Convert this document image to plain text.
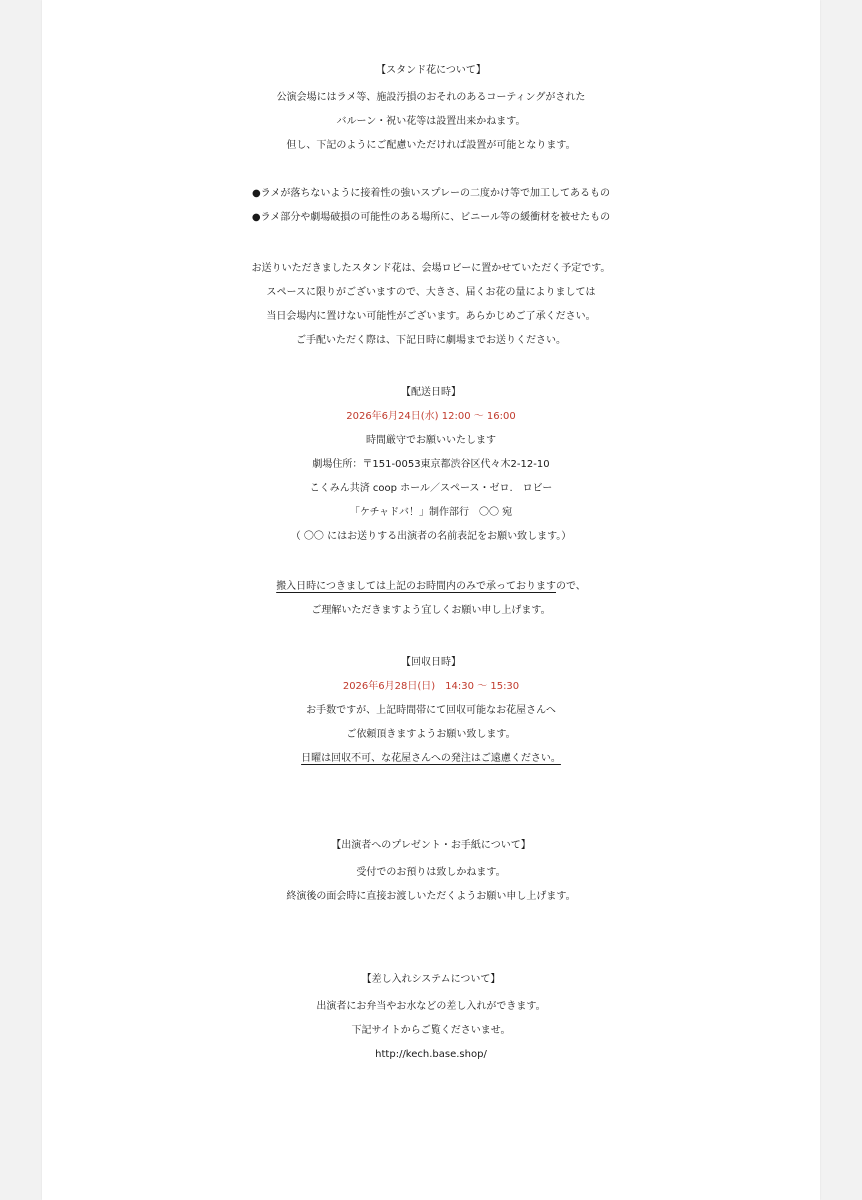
【スタンド花について】
公演会場にはラメ等、施設汚損のおそれのあるコーティングがされた
バルーン・祝い花等は設置出来かねます。
但し、下記のようにご配慮いただければ設置が可能となります。
●ラメが落ちないように接着性の強いスプレーの二度かけ等で加工してあるもの
●ラメ部分や劇場破損の可能性のある場所に、ビニール等の緩衝材を被せたもの
お送りいただきましたスタンド花は、会場ロビーに置かせていただく予定です。
スペースに限りがございますので、大きさ、届くお花の量によりましては
当日会場内に置けない可能性がございます。あらかじめご了承ください。
ご手配いただく際は、下記日時に劇場までお送りください。
【配送日時】
2026年6月24日(水) 12:00 〜 16:00
時間厳守でお願いいたします
劇場住所：〒151-0053東京都渋谷区代々木2-12-10
こくみん共済 coop ホール／スペース・ゼロ.　ロビー
「ケチャドバ！」制作部行　〇〇 宛
（ 〇〇 にはお送りする出演者の名前表記をお願い致します。）
搬入日時につきましては上記のお時間内のみで承っておりますので、
ご理解いただきますよう宜しくお願い申し上げます。
【回収日時】
2026年6月28日(日)　14:30 〜 15:30
お手数ですが、上記時間帯にて回収可能なお花屋さんへ
ご依頼頂きますようお願い致します。
日曜は回収不可、な花屋さんへの発注はご遠慮ください。
【出演者へのプレゼント・お手紙について】
受付でのお預りは致しかねます。
終演後の面会時に直接お渡しいただくようお願い申し上げます。
【差し入れシステムについて】
出演者にお弁当やお水などの差し入れができます。
下記サイトからご覧くださいませ。
http://kech.base.shop/
